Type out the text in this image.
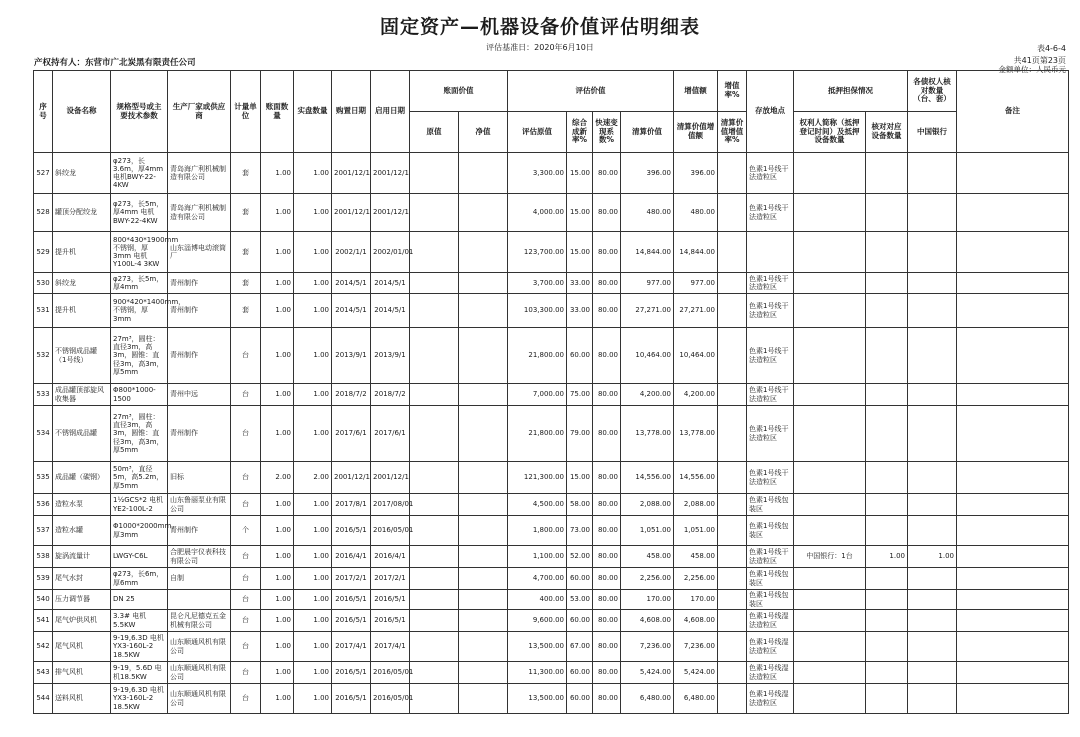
固定资产—机器设备价值评估明细表
评估基准日：2020年6月10日	表4-6-4
共41页第23页
金额单位：人民币元
产权持有人：东营市广北炭黑有限责任公司
序号	设备名称	规格型号或主要技术参数	生产厂家或供应商	计量单位	账面数量	实盘数量	购置日期	启用日期	账面价值		评估价值				增值额	增值率%	存放地点	抵押担保情况		各债权人核对数量（台、套）	备注
									原值	净值	评估原值	综合成新率%	快速变现系数%	清算价值	清算价值增值额	清算价值增值率%		权利人简称（抵押登记时间）及抵押设备数量	核对对应设备数量	中国银行	
527	斜绞龙	φ273，长3.6m，厚4mm 电机BWY-22-4KW	青岛海广利机械制造有限公司	套	1.00	1.00	2001/12/1	2001/12/1			3,300.00	15.00	80.00	396.00	396.00		色素1号线干法造粒区				
528	罐顶分配绞龙	φ273，长5m，厚4mm 电机BWY-22-4KW	青岛海广利机械制造有限公司	套	1.00	1.00	2001/12/1	2001/12/1			4,000.00	15.00	80.00	480.00	480.00		色素1号线干法造粒区				
529	提升机	800*430*1900mm 不锈钢，厚3mm 电机Y100L-4 3KW	山东淄博电动滚筒厂	套	1.00	1.00	2002/1/1	2002/01/01			123,700.00	15.00	80.00	14,844.00	14,844.00						
530	斜绞龙	φ273，长5m，厚4mm	青州制作	套	1.00	1.00	2014/5/1	2014/5/1			3,700.00	33.00	80.00	977.00	977.00		色素1号线干法造粒区				
531	提升机	900*420*1400mm，不锈钢，厚3mm	青州制作	套	1.00	1.00	2014/5/1	2014/5/1			103,300.00	33.00	80.00	27,271.00	27,271.00		色素1号线干法造粒区				
532	不锈钢成品罐（1号线）	27m³，圆柱：直径3m，高3m，圆锥：直径3m，高3m，厚5mm	青州制作	台	1.00	1.00	2013/9/1	2013/9/1			21,800.00	60.00	80.00	10,464.00	10,464.00		色素1号线干法造粒区				
533	成品罐顶部旋风收集器	Φ800*1000-1500	青州中远	台	1.00	1.00	2018/7/2	2018/7/2			7,000.00	75.00	80.00	4,200.00	4,200.00		色素1号线干法造粒区				
534	不锈钢成品罐	27m³，圆柱：直径3m，高3m，圆锥：直径3m，高3m，厚5mm	青州制作	台	1.00	1.00	2017/6/1	2017/6/1			21,800.00	79.00	80.00	13,778.00	13,778.00		色素1号线干法造粒区				
535	成品罐（碳钢）	50m³，直径5m，高5.2m，厚5mm	旧标	台	2.00	2.00	2001/12/1	2001/12/1			121,300.00	15.00	80.00	14,556.00	14,556.00		色素1号线干法造粒区				
536	造粒水泵	1½GCS*2 电机YE2-100L-2	山东鲁丽泵业有限公司	台	1.00	1.00	2017/8/1	2017/08/01			4,500.00	58.00	80.00	2,088.00	2,088.00		色素1号线包装区				
537	造粒水罐	Φ1000*2000mm，厚3mm	青州制作	个	1.00	1.00	2016/5/1	2016/05/01			1,800.00	73.00	80.00	1,051.00	1,051.00		色素1号线包装区				
538	旋涡流量计	LWGY-C6L	合肥晨宇仪表科技有限公司	台	1.00	1.00	2016/4/1	2016/4/1			1,100.00	52.00	80.00	458.00	458.00		色素1号线干法造粒区	中国银行：1台	1.00	1.00	
539	尾气水封	φ273，长6m，厚6mm	自制	台	1.00	1.00	2017/2/1	2017/2/1			4,700.00	60.00	80.00	2,256.00	2,256.00		色素1号线包装区				
540	压力调节器	DN 25		台	1.00	1.00	2016/5/1	2016/5/1			400.00	53.00	80.00	170.00	170.00		色素1号线包装区				
541	尾气炉供风机	3.3# 电机5.5KW	昆仑凡尼德克五金机械有限公司	台	1.00	1.00	2016/5/1	2016/5/1			9,600.00	60.00	80.00	4,608.00	4,608.00		色素1号线湿法造粒区				
542	尾气风机	9-19,6.3D 电机YX3-160L-2 18.5KW	山东顺通风机有限公司	台	1.00	1.00	2017/4/1	2017/4/1			13,500.00	67.00	80.00	7,236.00	7,236.00		色素1号线湿法造粒区				
543	排气风机	9-19，5.6D 电机18.5KW	山东顺通风机有限公司	台	1.00	1.00	2016/5/1	2016/05/01			11,300.00	60.00	80.00	5,424.00	5,424.00		色素1号线湿法造粒区				
544	送料风机	9-19,6.3D 电机YX3-160L-2 18.5KW	山东顺通风机有限公司	台	1.00	1.00	2016/5/1	2016/05/01			13,500.00	60.00	80.00	6,480.00	6,480.00		色素1号线湿法造粒区				
